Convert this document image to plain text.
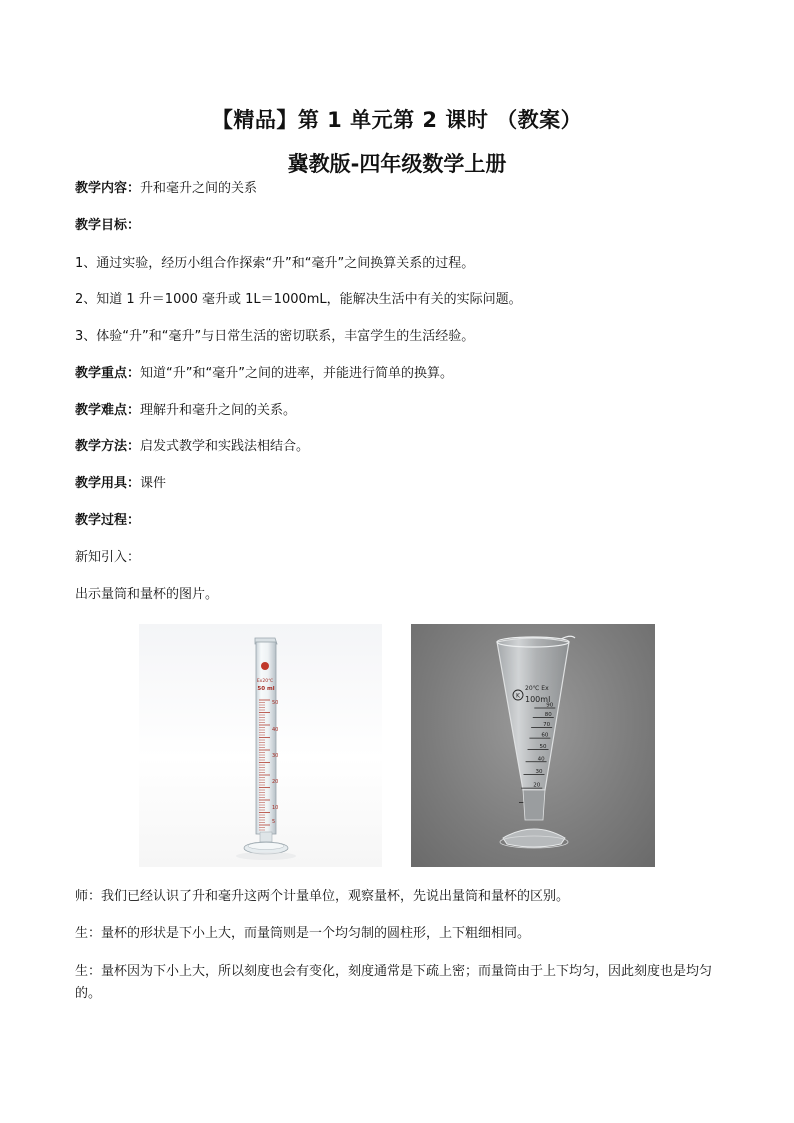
【精品】第 1 单元第 2 课时 （教案）
冀教版-四年级数学上册
教学内容：升和毫升之间的关系
教学目标：
1、通过实验，经历小组合作探索“升”和“毫升”之间换算关系的过程。
2、知道 1 升＝1000 毫升或 1L＝1000mL，能解决生活中有关的实际问题。
3、体验“升”和“毫升”与日常生活的密切联系，丰富学生的生活经验。
教学重点：知道“升”和“毫升”之间的进率，并能进行简单的换算。
教学难点：理解升和毫升之间的关系。
教学方法：启发式教学和实践法相结合。
教学用具：课件
教学过程：
新知引入：
出示量筒和量杯的图片。
Ex20℃
50 ml
50
40
30
20
10
5
K
20℃ Ex
100ml
90
80
70
60
50
40
30
20
师：我们已经认识了升和毫升这两个计量单位，观察量杯，先说出量筒和量杯的区别。
生：量杯的形状是下小上大，而量筒则是一个均匀制的圆柱形，上下粗细相同。
生：量杯因为下小上大，所以刻度也会有变化，刻度通常是下疏上密；而量筒由于上下均匀，因此刻度也是均匀的。
